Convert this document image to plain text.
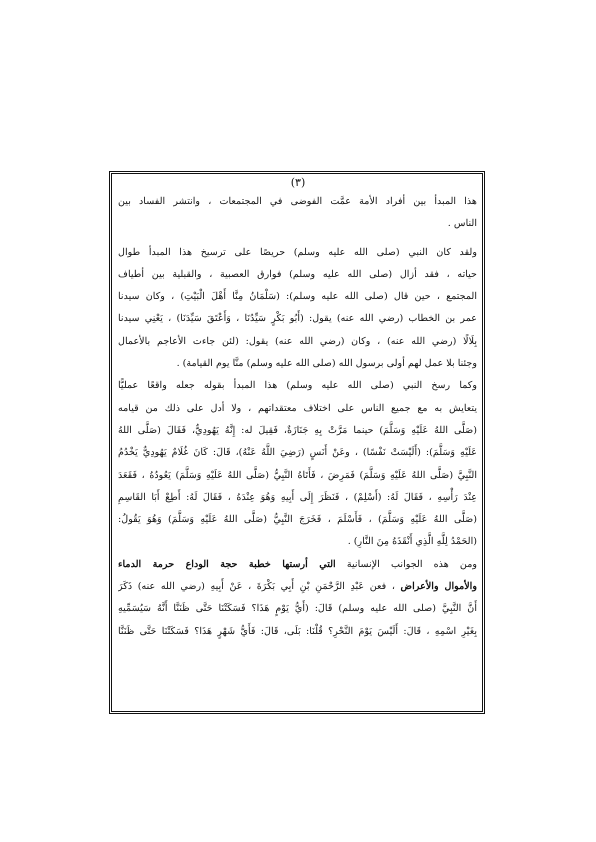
(٣)
هذا المبدأ بين أفراد الأمة عمَّت الفوضى في المجتمعات ، وانتشر الفساد بين
الناس .
ولقد كان النبي (صلى الله عليه وسلم) حريصًا على ترسيخ هذا المبدأ طوال
حياته ، فقد أزال (صلى الله عليه وسلم) فوارق العصبية ، والقبلية بين أطياف
المجتمع ، حين قال (صلى الله عليه وسلم): (سَلْمَانُ مِنَّا أَهْلَ الْبَيْتِ) ، وكان سيدنا
عمر بن الخطاب (رضي الله عنه) يقول: (أَبُو بَكْرٍ سَيِّدُنَا ، وَأَعْتَقَ سَيِّدَنَا) ، يَعْنِي سيدنا
بِلَالًا (رضي الله عنه) ، وكان (رضي الله عنه) يقول: (لئن جاءت الأعاجم بالأعمال
وجئنا بلا عمل لهم أولى برسول الله (صلى الله عليه وسلم) منَّا يوم القيامة) .
وكما رسخ النبي (صلى الله عليه وسلم) هذا المبدأ بقوله جعله واقعًا عمليًّا
يتعايش به مع جميع الناس على اختلاف معتقداتهم ، ولا أدل على ذلك من قيامه
(صَلَّى اللهُ عَلَيْهِ وَسَلَّمَ) حينما مَرَّتْ بِهِ جَنَازَةٌ، فَقِيلَ له: إِنَّهُ يَهُودِيٌّ، فَقَالَ (صَلَّى اللهُ
عَلَيْهِ وَسَلَّمَ): (أَلَيْسَتْ نَفْسًا) ، وعَنْ أَنَسٍ (رَضِيَ اللَّهُ عَنْهُ)، قَالَ: كَانَ غُلَامٌ يَهُودِيٌّ يَخْدُمُ
النَّبِيَّ (صَلَّى اللهُ عَلَيْهِ وَسَلَّمَ) فَمَرِضَ ، فَأَتَاهُ النَّبِيُّ (صَلَّى اللهُ عَلَيْهِ وَسَلَّمَ) يَعُودُهُ ، فَقَعَدَ
عِنْدَ رَأْسِهِ ، فَقَالَ لَهُ: (أَسْلِمْ) ، فَنَظَرَ إِلَى أَبِيهِ وَهُوَ عِنْدَهُ ، فَقَالَ لَهُ: أَطِعْ أَبَا القَاسِمِ
(صَلَّى اللهُ عَلَيْهِ وَسَلَّمَ) ، فَأَسْلَمَ ، فَخَرَجَ النَّبِيُّ (صَلَّى اللهُ عَلَيْهِ وَسَلَّمَ) وَهُوَ يَقُولُ:
(الحَمْدُ لِلَّهِ الَّذِي أَنْقَذَهُ مِنَ النَّارِ) .
ومن هذه الجوانب الإنسانية التي أرستها خطبة حجة الوداع حرمة الدماء
والأموال والأعراض ، فعن عَبْدِ الرَّحْمَنِ بْنِ أَبِي بَكْرَةَ ، عَنْ أَبِيهِ (رضي الله عنه) ذَكَرَ
أَنَّ النَّبِيَّ (صلى الله عليه وسلم) قَالَ: (أَيُّ يَوْمٍ هَذَا؟ فَسَكَتْنَا حَتَّى ظَنَنَّا أَنَّهُ سَيُسَمِّيهِ
بِغَيْرِ اسْمِهِ ، قَالَ: أَلَيْسَ يَوْمَ النَّحْرِ؟ قُلْنَا: بَلَى، قَالَ: فَأَيُّ شَهْرٍ هَذَا؟ فَسَكَتْنَا حَتَّى ظَنَنَّا
